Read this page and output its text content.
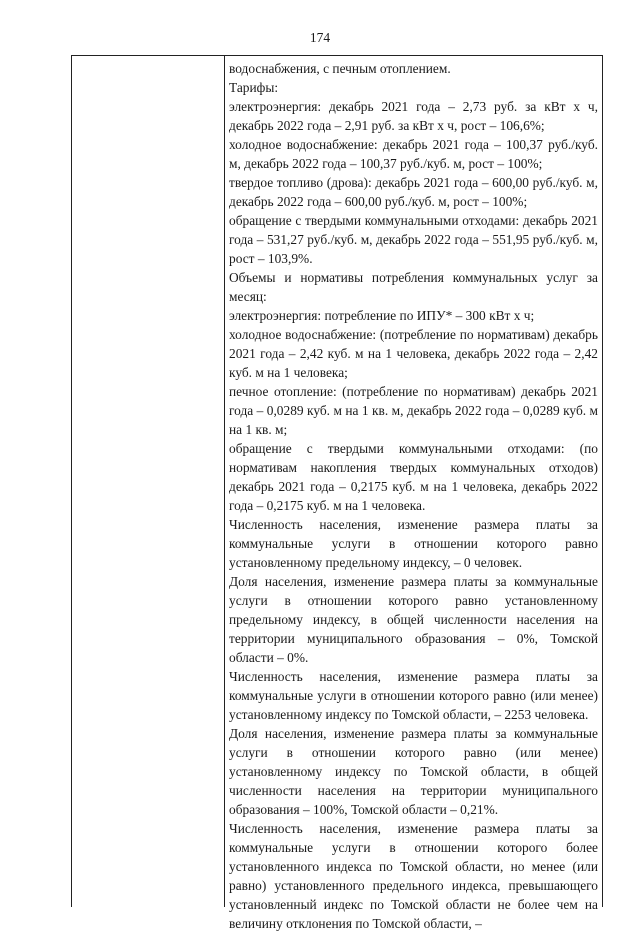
174

водоснабжения, с печным отоплением.

Тарифы:

электроэнергия: декабрь 2021 года – 2,73 руб. за кВт х ч, декабрь 2022 года – 2,91 руб. за кВт х ч, рост – 106,6%;

холодное водоснабжение: декабрь 2021 года – 100,37 руб./куб. м, декабрь 2022 года – 100,37 руб./куб. м, рост – 100%;

твердое топливо (дрова): декабрь 2021 года – 600,00 руб./куб. м, декабрь 2022 года – 600,00 руб./куб. м, рост – 100%;

обращение с твердыми коммунальными отходами: декабрь 2021 года – 531,27 руб./куб. м, декабрь 2022 года – 551,95 руб./куб. м, рост – 103,9%.

Объемы и нормативы потребления коммунальных услуг за месяц:

электроэнергия: потребление по ИПУ* – 300 кВт х ч;

холодное водоснабжение: (потребление по нормативам) декабрь 2021 года – 2,42 куб. м на 1 человека, декабрь 2022 года – 2,42 куб. м на 1 человека;

печное отопление: (потребление по нормативам) декабрь 2021 года – 0,0289 куб. м на 1 кв. м, декабрь 2022 года – 0,0289 куб. м на 1 кв. м;

обращение с твердыми коммунальными отходами: (по нормативам накопления твердых коммунальных отходов) декабрь 2021 года – 0,2175 куб. м на 1 человека, декабрь 2022 года – 0,2175 куб. м на 1 человека.

Численность населения, изменение размера платы за коммунальные услуги в отношении которого равно установленному предельному индексу, – 0 человек.

Доля населения, изменение размера платы за коммунальные услуги в отношении которого равно установленному предельному индексу, в общей численности населения на территории муниципального образования – 0%, Томской области – 0%.

Численность населения, изменение размера платы за коммунальные услуги в отношении которого равно (или менее) установленному индексу по Томской области, – 2253 человека.

Доля населения, изменение размера платы за коммунальные услуги в отношении которого равно (или менее) установленному индексу по Томской области, в общей численности населения на территории муниципального образования – 100%, Томской области – 0,21%.

Численность населения, изменение размера платы за коммунальные услуги в отношении которого более установленного индекса по Томской области, но менее (или равно) установленного предельного индекса, превышающего установленный индекс по Томской области не более чем на величину отклонения по Томской области, –
